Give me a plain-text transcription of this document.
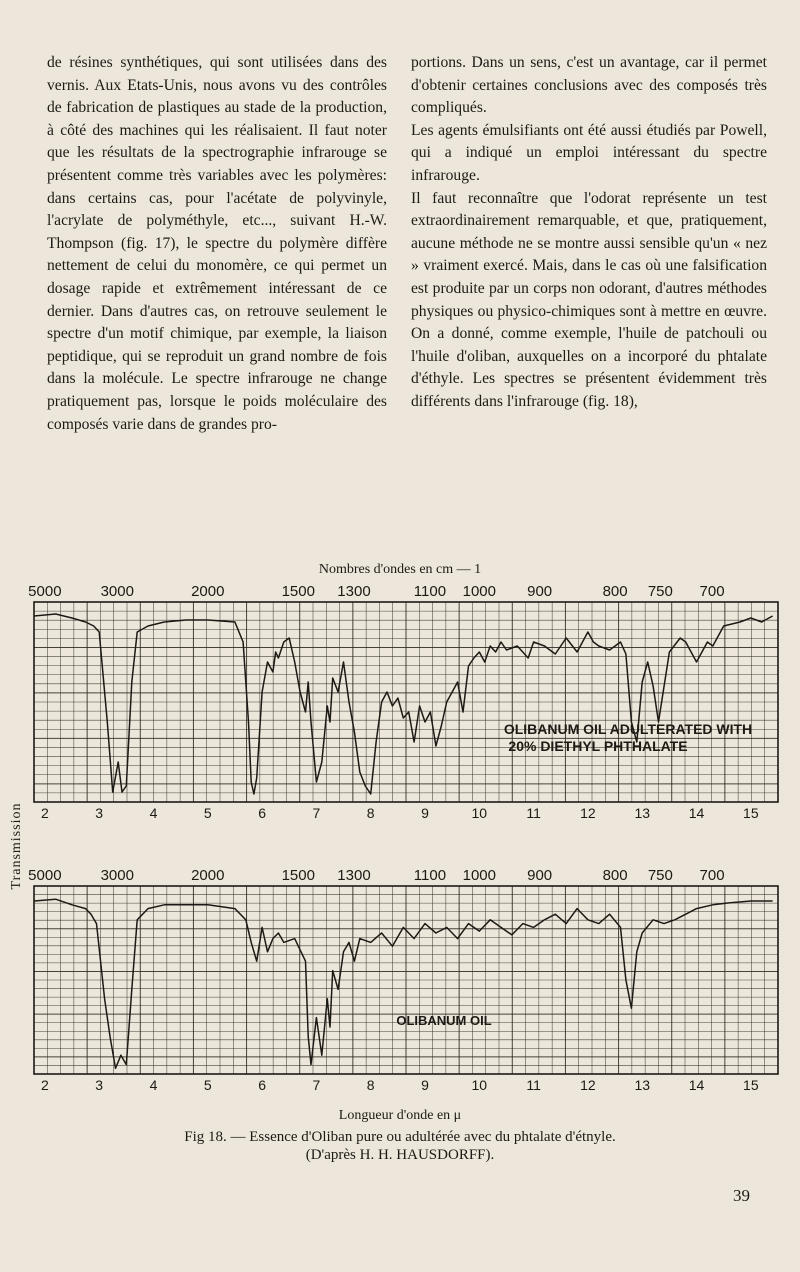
de résines synthétiques, qui sont utilisées dans des vernis. Aux Etats-Unis, nous avons vu des contrôles de fabrication de plastiques au stade de la production, à côté des machines qui les réalisaient. Il faut noter que les résultats de la spectrographie infrarouge se présentent comme très variables avec les polymères: dans certains cas, pour l'acétate de polyvinyle, l'acrylate de polyméthyle, etc..., suivant H.-W. Thompson (fig. 17), le spectre du polymère diffère nettement de celui du monomère, ce qui permet un dosage rapide et extrêmement intéressant de ce dernier. Dans d'autres cas, on retrouve seulement le spectre d'un motif chimique, par exemple, la liaison peptidique, qui se reproduit un grand nombre de fois dans la molécule. Le spectre infrarouge ne change pratiquement pas, lorsque le poids moléculaire des composés varie dans de grandes pro-

portions. Dans un sens, c'est un avantage, car il permet d'obtenir certaines conclusions avec des composés très compliqués.

Les agents émulsifiants ont été aussi étudiés par Powell, qui a indiqué un emploi intéressant du spectre infrarouge.

Il faut reconnaître que l'odorat représente un test extraordinairement remarquable, et que, pratiquement, aucune méthode ne se montre aussi sensible qu'un « nez » vraiment exercé. Mais, dans le cas où une falsification est produite par un corps non odorant, d'autres méthodes physiques ou physico-chimiques sont à mettre en œuvre. On a donné, comme exemple, l'huile de patchouli ou l'huile d'oliban, auxquelles on a incorporé du phtalate d'éthyle. Les spectres se présentent évidemment très différents dans l'infrarouge (fig. 18),

Nombres d'ondes en cm — 1
5000	3000	2000	1500 1300	1100 1000 900	800 750 700
2	3	4	5	6	7	8	9	10	11	12	13	14	15
OLIBANUM OIL ADULTERATED WITH
20% DIETHYL PHTHALATE
Transmission 5000	3000	2000	1500 1300	1100 1000 900	800 750 700
2	3	4	5	6	7	8	9	10	11	12	13	14	15
OLIBANUM OIL
Longueur d'onde en μ
Fig 18. — Essence d'Oliban pure ou adultérée avec du phtalate d'étnyle.
(D'après H. H. HAUSDORFF).
39
